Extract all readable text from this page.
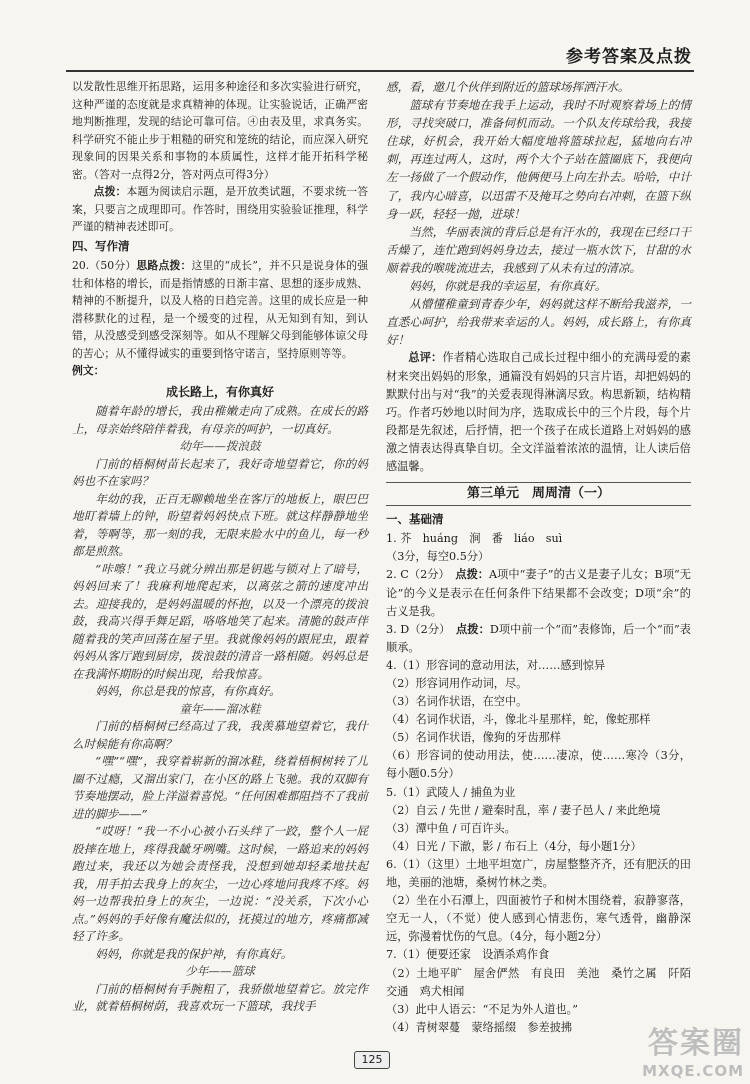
参考答案及点拨

以发散性思维开拓思路，运用多种途径和多次实验进行研究，这种严谨的态度就是求真精神的体现。让实验说话，正确严密地判断推理，发现的结论可靠可信。④由表及里，求真务实。科学研究不能止步于粗糙的研究和笼统的结论，而应深入研究现象间的因果关系和事物的本质属性，这样才能开拓科学秘密。（答对一点得2分，答对两点可得3分）

点拨：本题为阅读启示题，是开放类试题，不要求统一答案，只要言之成理即可。作答时，围绕用实验验证推理，科学严谨的精神表述即可。

四、写作清

20.（50分）思路点拨：这里的“成长”，并不只是说身体的强壮和体格的增长，而是指情感的日渐丰富、思想的逐步成熟、精神的不断提升，以及人格的日趋完善。这里的成长应是一种潜移默化的过程，是一个缓变的过程，从无知到有知，到认错，从没感受到感受深刻等。如从不理解父母到能够体谅父母的苦心；从不懂得诚实的重要到恪守诺言，坚持原则等等。

例文：
成长路上，有你真好

随着年龄的增长，我由稚嫩走向了成熟。在成长的路上，母亲始终陪伴着我，有母亲的呵护，一切真好。

幼年——拨浪鼓

门前的梧桐树苗长起来了，我好奇地望着它，你的妈妈也不在家吗？

年幼的我，正百无聊赖地坐在客厅的地板上，眼巴巴地盯着墙上的钟，盼望着妈妈快点下班。就这样静静地坐着，等啊等，那一刻的我，无限来脸水中的鱼儿，每一秒都是煎熬。

“咔嚓！”我立马就分辨出那是钥匙与锁对上了暗号，妈妈回来了！我麻利地爬起来，以离弦之箭的速度冲出去。迎接我的，是妈妈温暖的怀抱，以及一个漂亮的拨浪鼓，我高兴得手舞足蹈，咯咯地笑了起来。清脆的鼓声伴随着我的笑声回荡在屋子里。我就像妈妈的跟屁虫，跟着妈妈从客厅跑到厨房，拨浪鼓的清音一路相随。妈妈总是在我满怀期盼的时候出现，给我惊喜。

妈妈，你总是我的惊喜，有你真好。

童年——溜冰鞋

门前的梧桐树已经高过了我，我羡慕地望着它，我什么时候能有你高啊？

“嘿”“嘿”，我穿着崭新的溜冰鞋，绕着梧桐树转了儿圈不过瘾，又溜出家门，在小区的路上飞驰。我的双脚有节奏地摆动，脸上洋溢着喜悦。“任何困难都阻挡不了我前进的脚步——”

“哎呀！”我一不小心被小石头绊了一跤，整个人一屁股摔在地上，疼得我龇牙咧嘴。这时候，一路追来的妈妈跑过来，我还以为她会责怪我，没想到她却轻柔地扶起我，用手拍去我身上的灰尘，一边心疼地问我疼不疼。妈妈一边帮我拍身上的灰尘，一边说：“没关系，下次小心点。”妈妈的手好像有魔法似的，抚摸过的地方，疼痛都减轻了许多。

妈妈，你就是我的保护神，有你真好。

少年——篮球

门前的梧桐树有手腕粗了，我骄傲地望着它。放完作业，就着梧桐树荫，我喜欢玩一下篮球，我找手

感，看，邀几个伙伴到附近的篮球场挥洒汗水。

篮球有节奏地在我手上运动，我时不时观察着场上的情形，寻找突破口，准备伺机而动。一个队友传球给我，我接住球，好机会，我开始大幅度地将篮球拉起，猛地向右冲刺，再连过两人，这时，两个大个子站在篮圈底下，我便向左一扬做了一个假动作，他俩便马上向左扑去。哈哈，中计了，我内心暗喜，以迅雷不及掩耳之势向右冲刺，在篮下纵身一跃，轻轻一抛，进球！

当然，华丽表演的背后总是有汗水的，我现在已经口干舌燥了，连忙跑到妈妈身边去，接过一瓶水饮下，甘甜的水顺着我的喉咙流进去，我感到了从未有过的清凉。

妈妈，你就是我的幸运星，有你真好。

从懵懂稚童到青春少年，妈妈就这样不断给我滋养，一直悉心呵护，给我带来幸运的人。妈妈，成长路上，有你真好！

总评：作者精心选取自己成长过程中细小的充满母爱的素材来突出妈妈的形象，通篇没有妈妈的只言片语，却把妈妈的默默付出与对“我”的关爱表现得淋漓尽致。构思新颖，结构精巧。作者巧妙地以时间为序，选取成长中的三个片段，每个片段都是先叙述，后抒情，把一个孩子在成长道路上对妈妈的感激之情表达得真挚自切。全文洋溢着浓浓的温情，让人读后倍感温馨。

第三单元　周周清（一）
一、基础清

1. 芥　huáng　涧　番　liáo　suì

（3分，每空0.5分）

2. C（2分）　 点拨：A项中“妻子”的古义是妻子儿女；B项“无论”的今义是表示在任何条件下结果都不会改变；D项“余”的古义是我。

3. D（2分）　 点拨：D项中前一个“而”表修饰，后一个“而”表顺承。

4.（1）形容词的意动用法，对……感到惊异

（2）形容词用作动词，尽。

（3）名词作状语，在空中。

（4）名词作状语，斗，像北斗星那样，蛇，像蛇那样

（5）名词作状语，像狗的牙齿那样

（6）形容词的使动用法，使……凄凉，使……寒冷（3分，每小题0.5分）

5.（1）武陵人 / 捕鱼为业

（2）自云 / 先世 / 避秦时乱，率 / 妻子邑人 / 来此绝境

（3）潭中鱼 / 可百许头。

（4）日光 / 下澈，影 / 布石上（4分，每小题1分）

6.（1）（这里）土地平坦宽广，房屋整整齐齐，还有肥沃的田地，美丽的池塘，桑树竹林之类。

（2）坐在小石潭上，四面被竹子和树木围绕着，寂静寥落，空无一人，（不觉）使人感到心情悲伤，寒气透骨，幽静深远，弥漫着忧伤的气息。（4分，每小题2分）

7.（1）便要还家　设酒杀鸡作食

（2）土地平旷　屋舍俨然　有良田　美池　桑竹之属　阡陌交通　鸡犬相闻

（3）此中人语云：“不足为外人道也。”

（4）青树翠蔓　蒙络摇缀　参差披拂

125	答案圈
MXQE.COM
